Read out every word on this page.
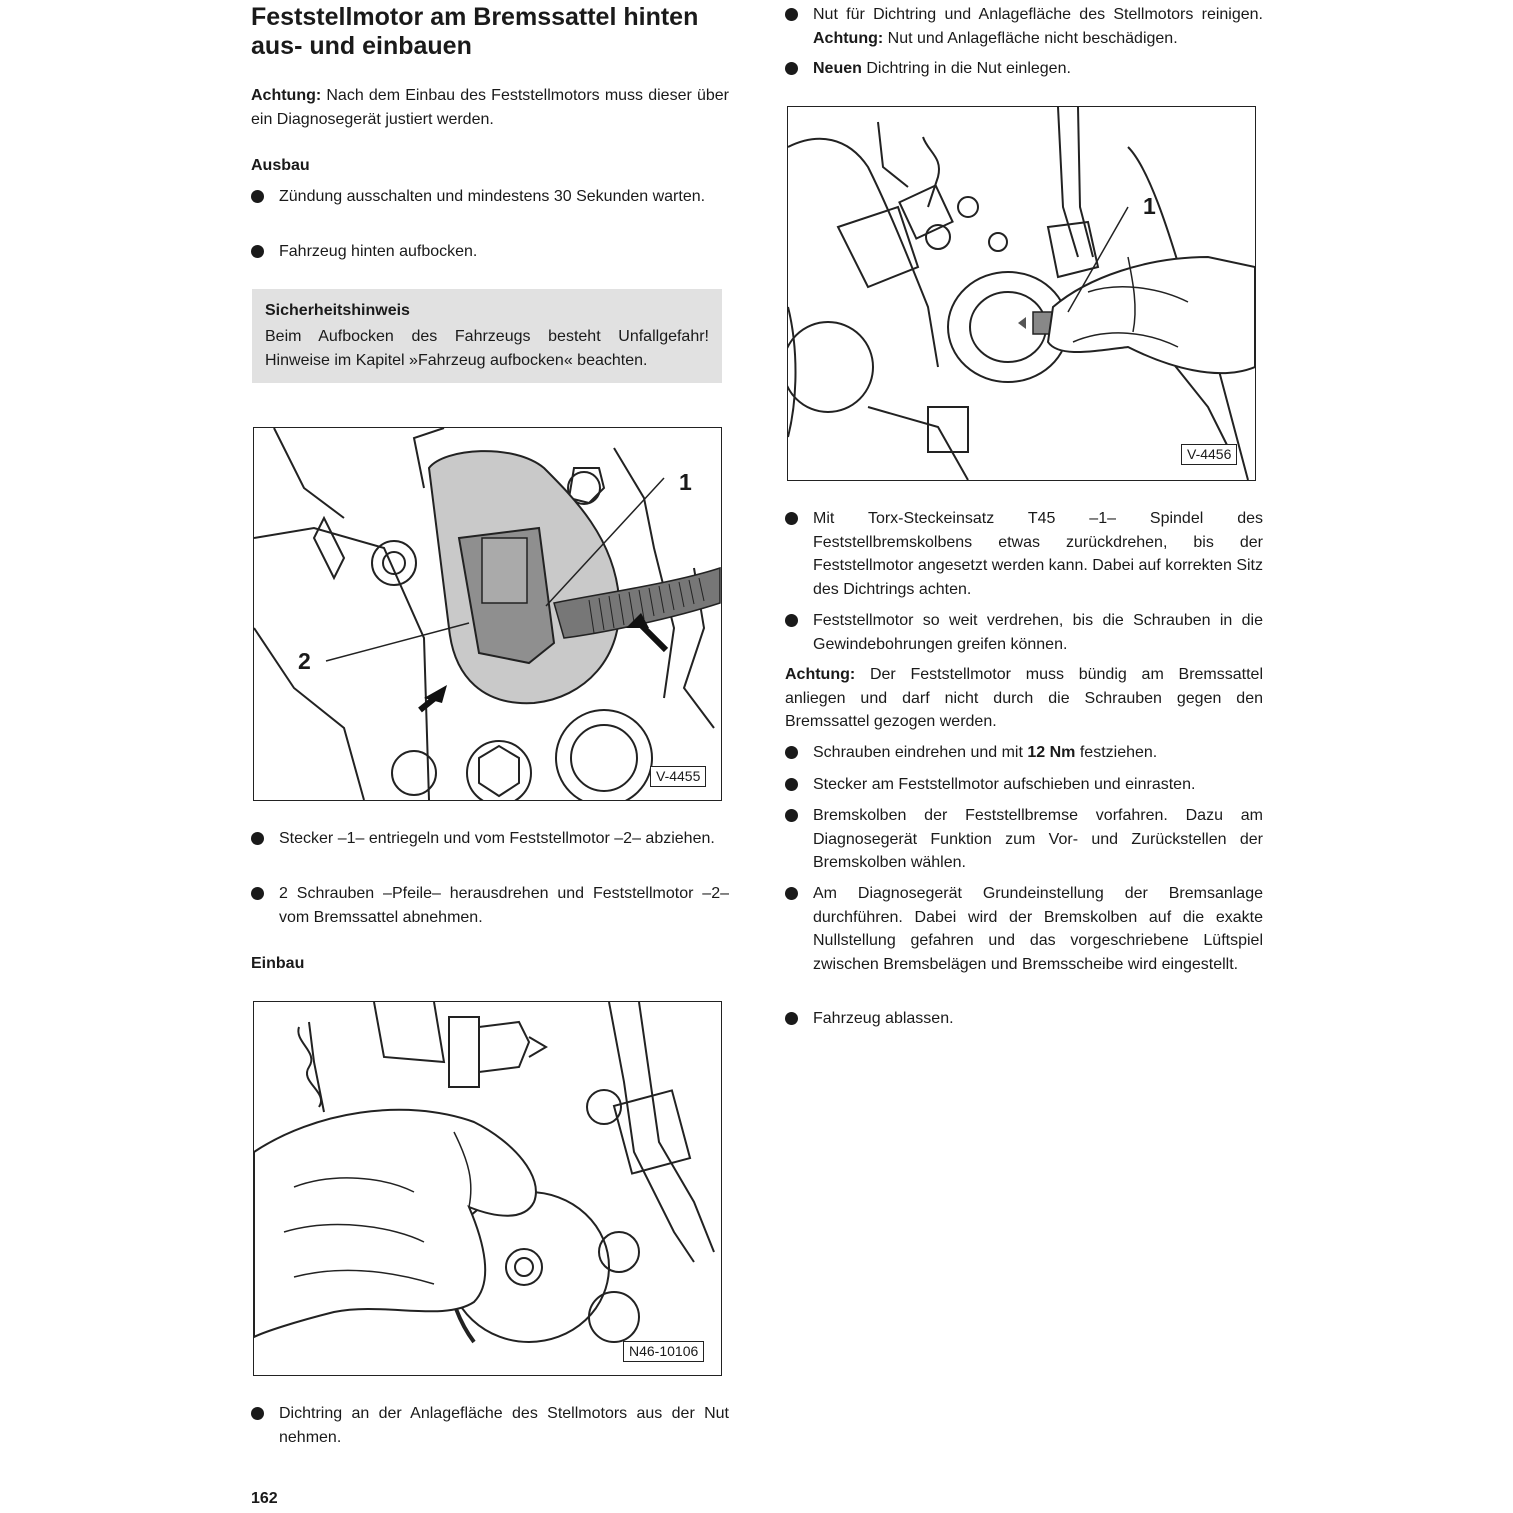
Feststellmotor am Bremssattel hinten aus- und einbauen
Achtung: Nach dem Einbau des Feststellmotors muss dieser über ein Diagnosegerät justiert werden.
Ausbau
Zündung ausschalten und mindestens 30 Sekunden warten.
Fahrzeug hinten aufbocken.
Sicherheitshinweis
Beim Aufbocken des Fahrzeugs besteht Unfallgefahr! Hinweise im Kapitel »Fahrzeug aufbocken« beachten.
1
2
V-4455
Stecker –1– entriegeln und vom Feststellmotor –2– abziehen.
2 Schrauben –Pfeile– herausdrehen und Feststellmotor –2– vom Bremssattel abnehmen.
Einbau
N46-10106
Dichtring an der Anlagefläche des Stellmotors aus der Nut nehmen.
162
Nut für Dichtring und Anlagefläche des Stellmotors reinigen. Achtung: Nut und Anlagefläche nicht beschädigen.
Neuen Dichtring in die Nut einlegen.
1
V-4456
Mit Torx-Steckeinsatz T45 –1– Spindel des Feststellbremskolbens etwas zurückdrehen, bis der Feststellmotor angesetzt werden kann. Dabei auf korrekten Sitz des Dichtrings achten.
Feststellmotor so weit verdrehen, bis die Schrauben in die Gewindebohrungen greifen können.
Achtung: Der Feststellmotor muss bündig am Bremssattel anliegen und darf nicht durch die Schrauben gegen den Bremssattel gezogen werden.
Schrauben eindrehen und mit 12 Nm festziehen.
Stecker am Feststellmotor aufschieben und einrasten.
Bremskolben der Feststellbremse vorfahren. Dazu am Diagnosegerät Funktion zum Vor- und Zurückstellen der Bremskolben wählen.
Am Diagnosegerät Grundeinstellung der Bremsanlage durchführen. Dabei wird der Bremskolben auf die exakte Nullstellung gefahren und das vorgeschriebene Lüftspiel zwischen Bremsbelägen und Bremsscheibe wird eingestellt.
Fahrzeug ablassen.
